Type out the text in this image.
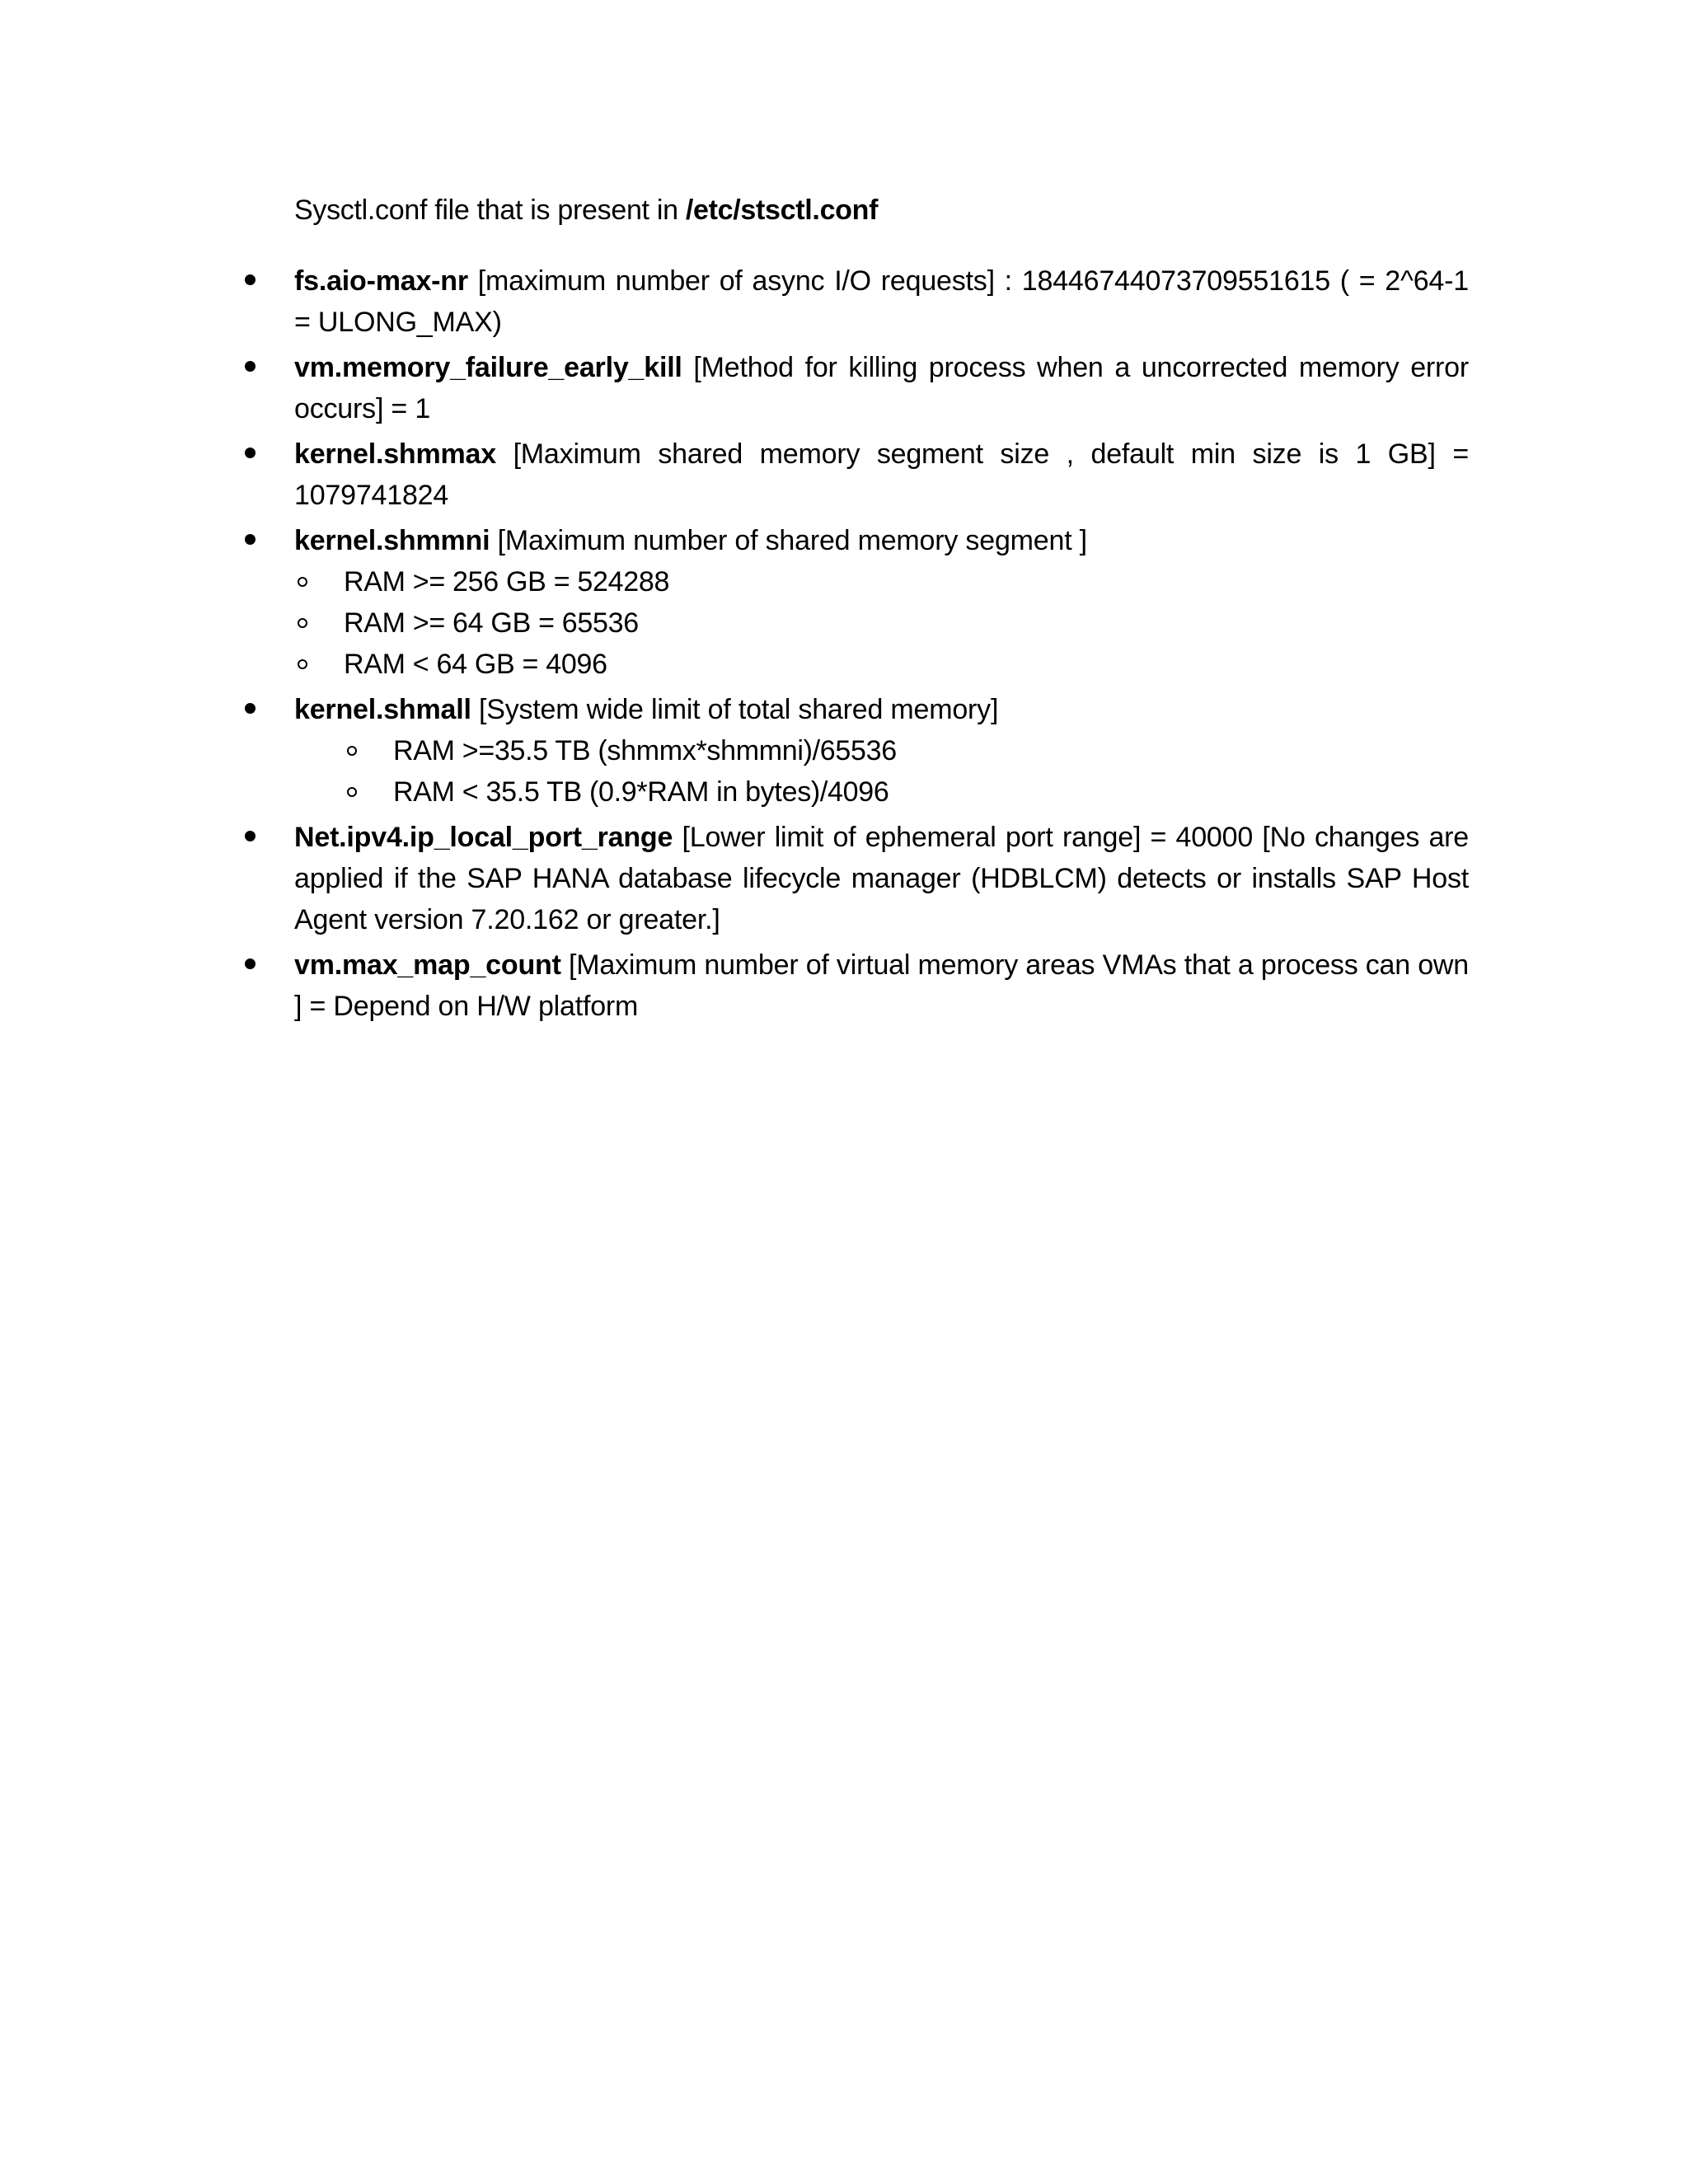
Sysctl.conf file that is present in /etc/stsctl.conf

fs.aio-max-nr [maximum number of async I/O requests] : 18446744073709551615 ( = 2^64-1 = ULONG_MAX)
vm.memory_failure_early_kill [Method for killing process when a uncorrected memory error occurs] = 1
kernel.shmmax [Maximum shared memory segment size , default min size is 1 GB] = 1079741824
kernel.shmmni [Maximum number of shared memory segment ]
RAM >= 256 GB = 524288
RAM >= 64 GB = 65536
RAM < 64 GB = 4096
kernel.shmall [System wide limit of total shared memory]
RAM >=35.5 TB (shmmx*shmmni)/65536
RAM < 35.5 TB (0.9*RAM in bytes)/4096
Net.ipv4.ip_local_port_range [Lower limit of ephemeral port range] = 40000 [No changes are applied if the SAP HANA database lifecycle manager (HDBLCM) detects or installs SAP Host Agent version 7.20.162 or greater.]
vm.max_map_count [Maximum number of virtual memory areas VMAs that a process can own ] = Depend on H/W platform
